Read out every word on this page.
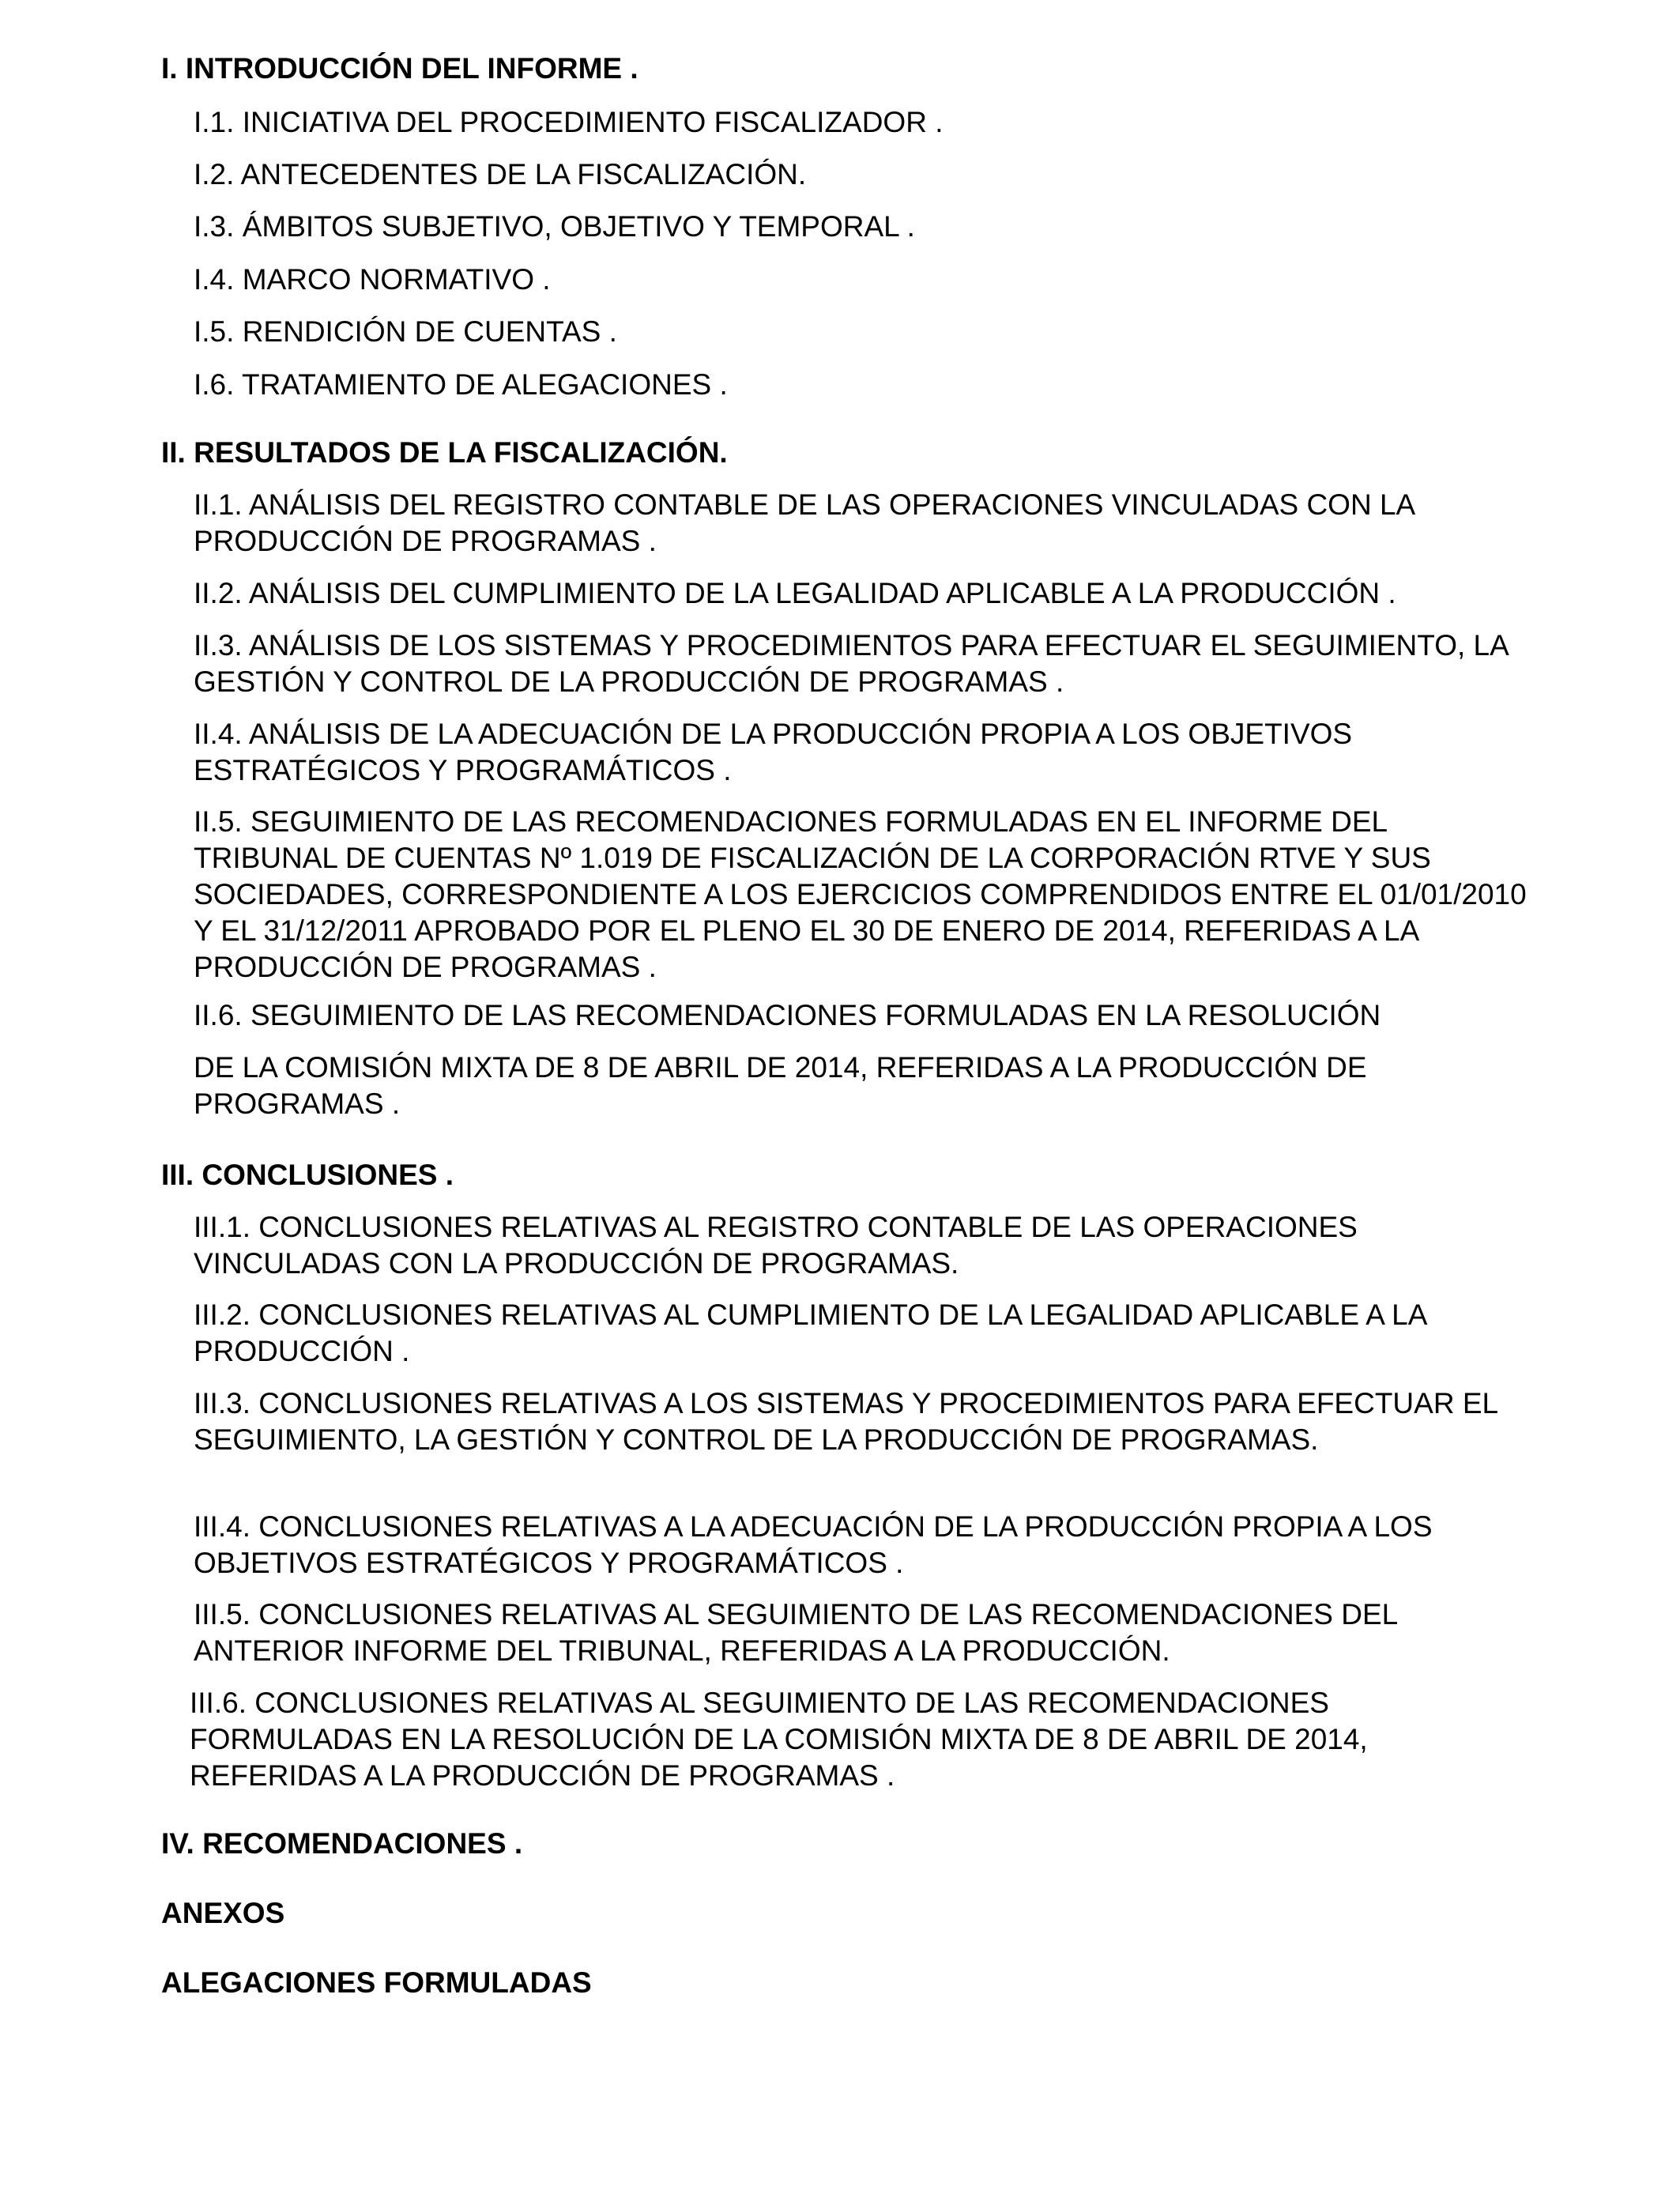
I. INTRODUCCIÓN DEL INFORME .
I.1. INICIATIVA DEL PROCEDIMIENTO FISCALIZADOR .
I.2. ANTECEDENTES DE LA FISCALIZACIÓN.
I.3. ÁMBITOS SUBJETIVO, OBJETIVO Y TEMPORAL .
I.4. MARCO NORMATIVO .
I.5. RENDICIÓN DE CUENTAS .
I.6. TRATAMIENTO DE ALEGACIONES .
II. RESULTADOS DE LA FISCALIZACIÓN.
II.1. ANÁLISIS DEL REGISTRO CONTABLE DE LAS OPERACIONES VINCULADAS CON LA PRODUCCIÓN DE PROGRAMAS .
II.2. ANÁLISIS DEL CUMPLIMIENTO DE LA LEGALIDAD APLICABLE A LA PRODUCCIÓN .
II.3. ANÁLISIS DE LOS SISTEMAS Y PROCEDIMIENTOS PARA EFECTUAR EL SEGUIMIENTO, LA GESTIÓN Y CONTROL DE LA PRODUCCIÓN DE PROGRAMAS .
II.4. ANÁLISIS DE LA ADECUACIÓN DE LA PRODUCCIÓN PROPIA A LOS OBJETIVOS ESTRATÉGICOS Y PROGRAMÁTICOS .
II.5. SEGUIMIENTO DE LAS RECOMENDACIONES FORMULADAS EN EL INFORME DEL TRIBUNAL DE CUENTAS Nº 1.019 DE FISCALIZACIÓN DE LA CORPORACIÓN RTVE Y SUS SOCIEDADES, CORRESPONDIENTE A LOS EJERCICIOS COMPRENDIDOS ENTRE EL 01/01/2010 Y EL 31/12/2011 APROBADO POR EL PLENO EL 30 DE ENERO DE 2014, REFERIDAS A LA PRODUCCIÓN DE PROGRAMAS .
II.6. SEGUIMIENTO DE LAS RECOMENDACIONES FORMULADAS EN LA RESOLUCIÓN
DE LA COMISIÓN MIXTA DE 8 DE ABRIL DE 2014, REFERIDAS A LA PRODUCCIÓN DE PROGRAMAS .
III. CONCLUSIONES .
III.1. CONCLUSIONES RELATIVAS AL REGISTRO CONTABLE DE LAS OPERACIONES VINCULADAS CON LA PRODUCCIÓN DE PROGRAMAS.
III.2. CONCLUSIONES RELATIVAS AL CUMPLIMIENTO DE LA LEGALIDAD APLICABLE A LA PRODUCCIÓN .
III.3. CONCLUSIONES RELATIVAS A LOS SISTEMAS Y PROCEDIMIENTOS PARA EFECTUAR EL SEGUIMIENTO, LA GESTIÓN Y CONTROL DE LA PRODUCCIÓN DE PROGRAMAS.
III.4. CONCLUSIONES RELATIVAS A LA ADECUACIÓN DE LA PRODUCCIÓN PROPIA A LOS OBJETIVOS ESTRATÉGICOS Y PROGRAMÁTICOS .
III.5. CONCLUSIONES RELATIVAS AL SEGUIMIENTO DE LAS RECOMENDACIONES DEL ANTERIOR INFORME DEL TRIBUNAL, REFERIDAS A LA PRODUCCIÓN.
III.6. CONCLUSIONES RELATIVAS AL SEGUIMIENTO DE LAS RECOMENDACIONES FORMULADAS EN LA RESOLUCIÓN DE LA COMISIÓN MIXTA DE 8 DE ABRIL DE 2014, REFERIDAS A LA PRODUCCIÓN DE PROGRAMAS .
IV. RECOMENDACIONES .
ANEXOS
ALEGACIONES FORMULADAS
